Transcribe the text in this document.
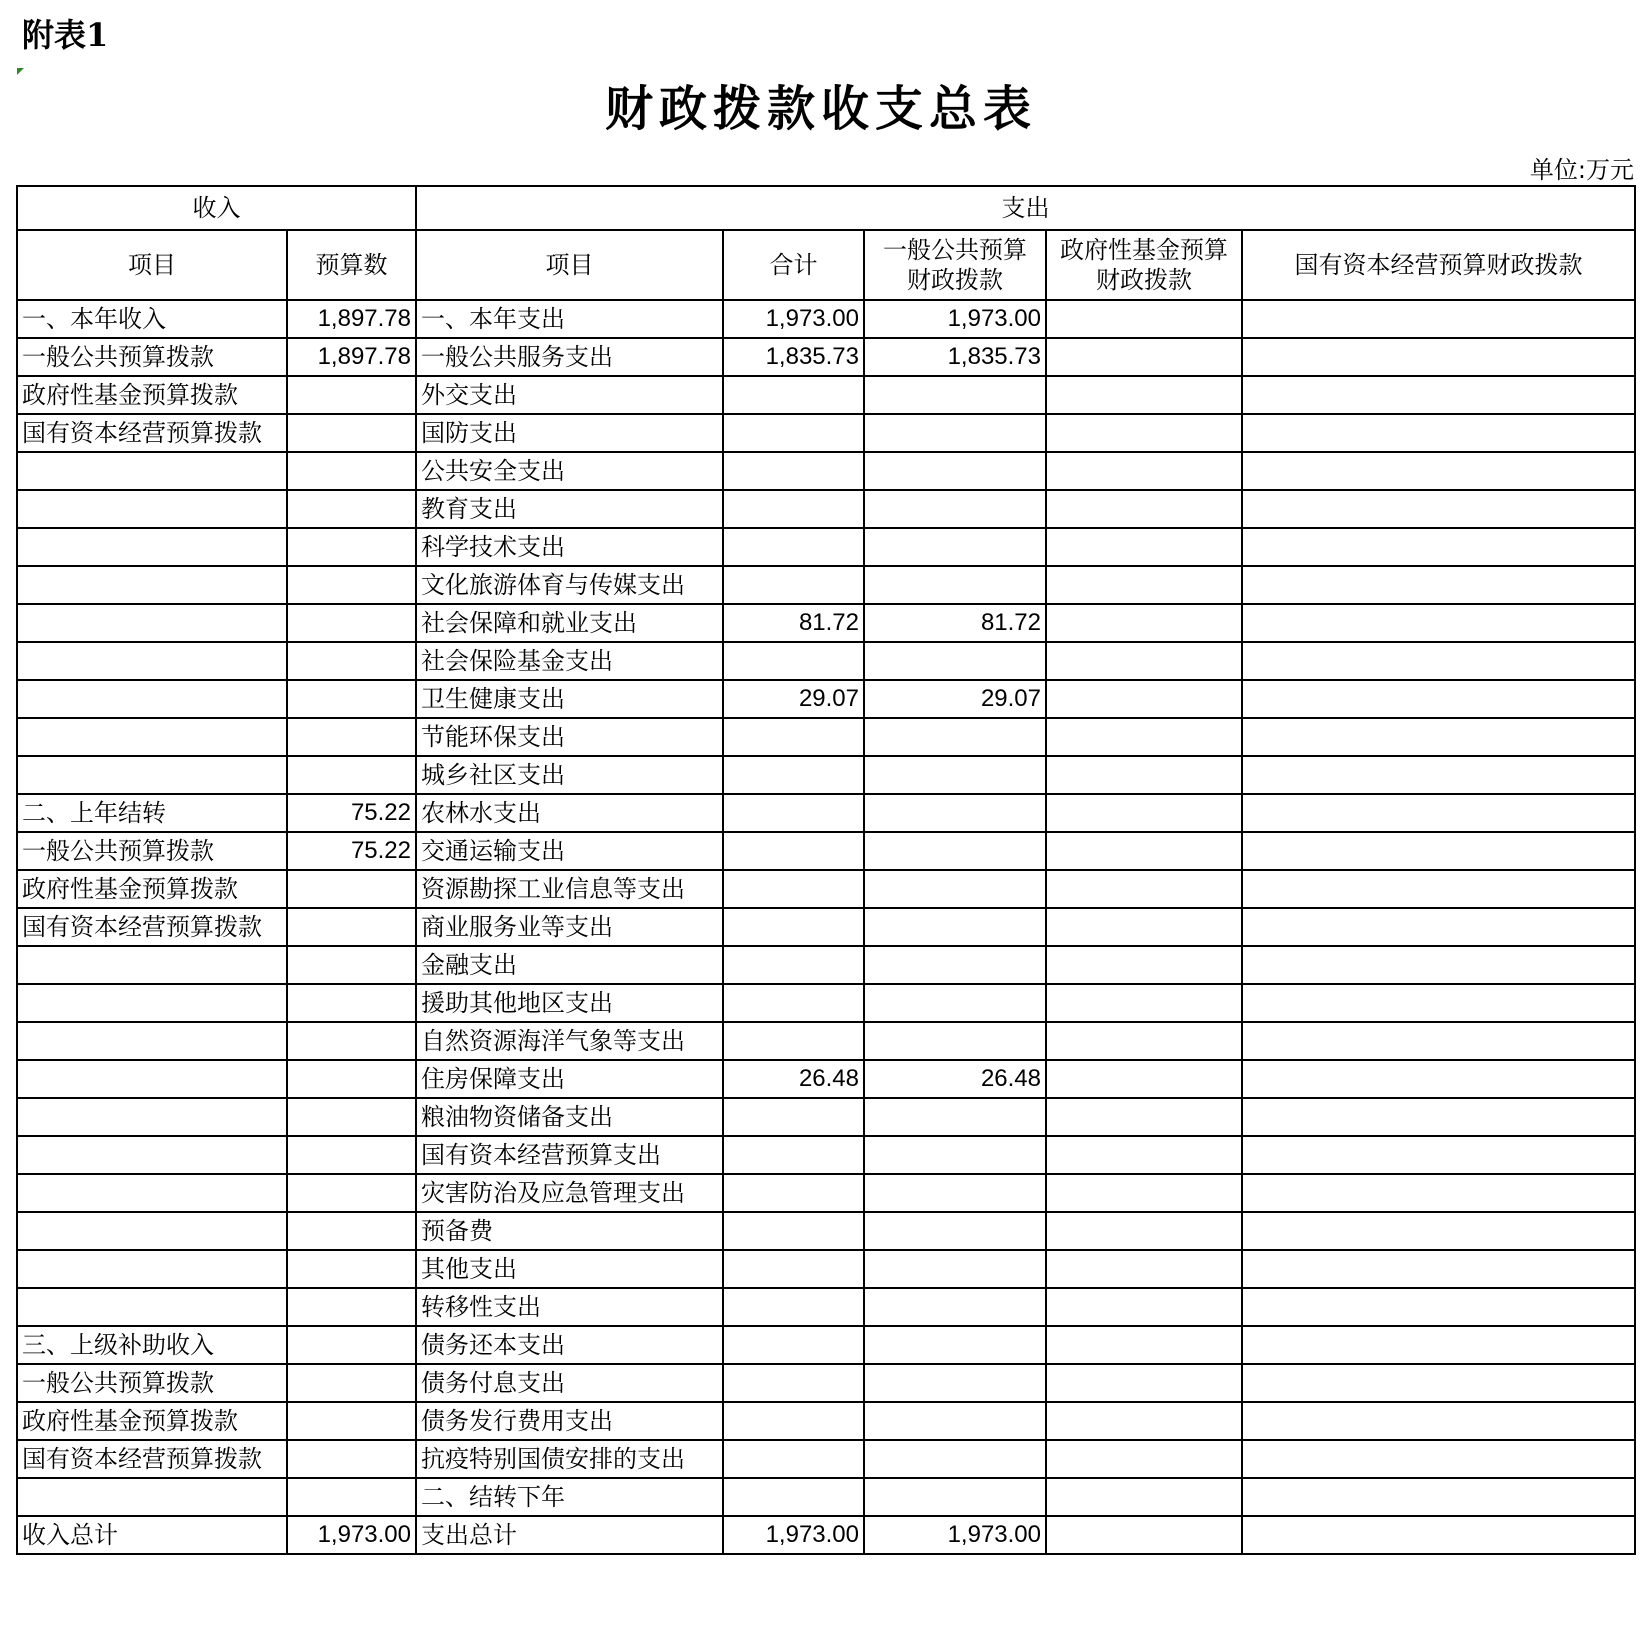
附表1

财政拨款收支总表

单位:万元

收入		支出				
项目	预算数	项目	合计	一般公共预算财政拨款	政府性基金预算财政拨款	国有资本经营预算财政拨款
一、本年收入	1,897.78	一、本年支出	1,973.00	1,973.00		
一般公共预算拨款	1,897.78	一般公共服务支出	1,835.73	1,835.73		
政府性基金预算拨款		外交支出				
国有资本经营预算拨款		国防支出				
		公共安全支出				
		教育支出				
		科学技术支出				
		文化旅游体育与传媒支出				
		社会保障和就业支出	81.72	81.72		
		社会保险基金支出				
		卫生健康支出	29.07	29.07		
		节能环保支出				
		城乡社区支出				
二、上年结转	75.22	农林水支出				
一般公共预算拨款	75.22	交通运输支出				
政府性基金预算拨款		资源勘探工业信息等支出				
国有资本经营预算拨款		商业服务业等支出				
		金融支出				
		援助其他地区支出				
		自然资源海洋气象等支出				
		住房保障支出	26.48	26.48		
		粮油物资储备支出				
		国有资本经营预算支出				
		灾害防治及应急管理支出				
		预备费				
		其他支出				
		转移性支出				
三、上级补助收入		债务还本支出				
一般公共预算拨款		债务付息支出				
政府性基金预算拨款		债务发行费用支出				
国有资本经营预算拨款		抗疫特别国债安排的支出				
		二、结转下年				
收入总计	1,973.00	支出总计	1,973.00	1,973.00		
